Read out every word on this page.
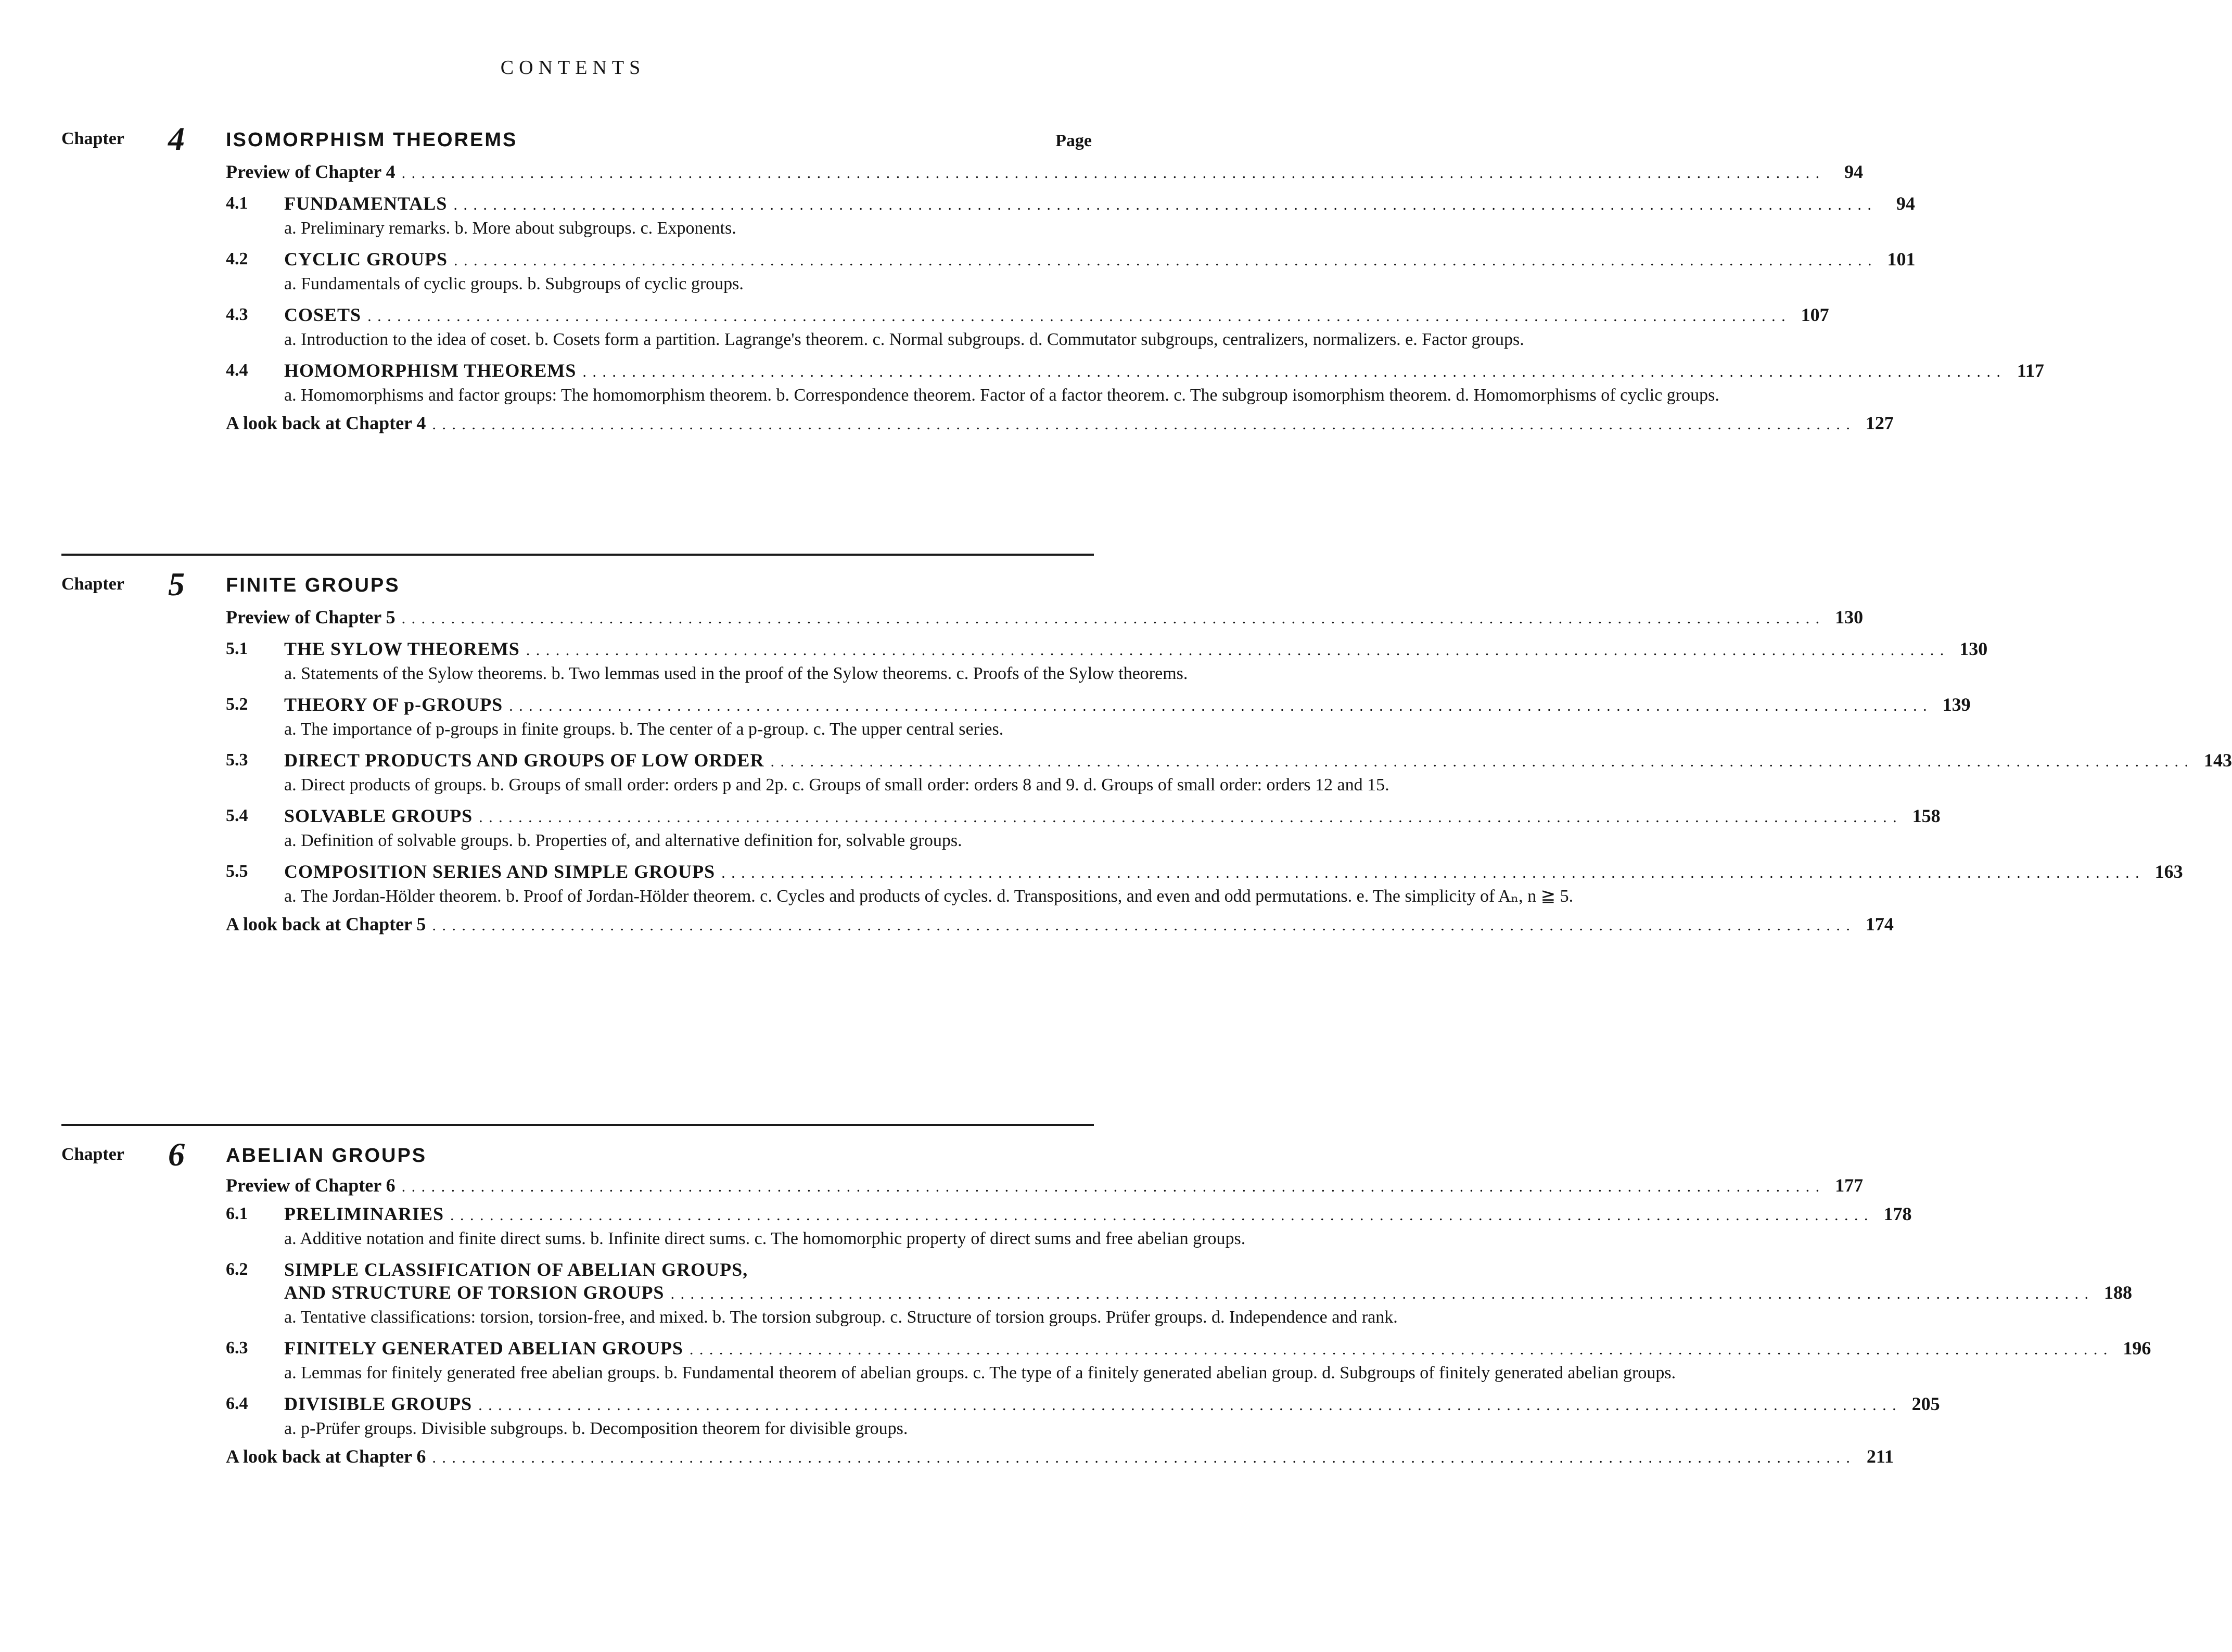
CONTENTS
Chapter	4 ISOMORPHISM THEOREMS	Page
Preview of Chapter 4 . . .	94
4.1	FUNDAMENTALS . . .	94
a. Preliminary remarks. b. More about subgroups. c. Exponents.
4.2	CYCLIC GROUPS . . .	101
a. Fundamentals of cyclic groups. b. Subgroups of cyclic groups.
4.3	COSETS . . .	107
a. Introduction to the idea of coset. b. Cosets form a partition. Lagrange's theorem. c. Normal subgroups. d. Commutator subgroups, centralizers, normalizers. e. Factor groups.
4.4	HOMOMORPHISM THEOREMS . . .	117
a. Homomorphisms and factor groups: The homomorphism theorem. b. Correspondence theorem. Factor of a factor theorem. c. The subgroup isomorphism theorem. d. Homomorphisms of cyclic groups.
A look back at Chapter 4 . . .	127
Chapter	5 FINITE GROUPS
Preview of Chapter 5 . . .	130
5.1	THE SYLOW THEOREMS . . .	130
a. Statements of the Sylow theorems. b. Two lemmas used in the proof of the Sylow theorems. c. Proofs of the Sylow theorems.
5.2	THEORY OF p-GROUPS . . .	139
a. The importance of p-groups in finite groups. b. The center of a p-group. c. The upper central series.
5.3	DIRECT PRODUCTS AND GROUPS OF LOW ORDER . . .	143
a. Direct products of groups. b. Groups of small order: orders p and 2p. c. Groups of small order: orders 8 and 9. d. Groups of small order: orders 12 and 15.
5.4	SOLVABLE GROUPS . . .	158
a. Definition of solvable groups. b. Properties of, and alternative definition for, solvable groups.
5.5	COMPOSITION SERIES AND SIMPLE GROUPS . . .	163
a. The Jordan-Hölder theorem. b. Proof of Jordan-Hölder theorem. c. Cycles and products of cycles. d. Transpositions, and even and odd permutations. e. The simplicity of Aₙ, n ≧ 5.
A look back at Chapter 5 . . .	174
Chapter	6 ABELIAN GROUPS
Preview of Chapter 6 . . .	177
6.1	PRELIMINARIES . . .	178
a. Additive notation and finite direct sums. b. Infinite direct sums. c. The homomorphic property of direct sums and free abelian groups.
6.2	SIMPLE CLASSIFICATION OF ABELIAN GROUPS,
AND STRUCTURE OF TORSION GROUPS . . .	188
a. Tentative classifications: torsion, torsion-free, and mixed. b. The torsion subgroup. c. Structure of torsion groups. Prüfer groups. d. Independence and rank.
6.3	FINITELY GENERATED ABELIAN GROUPS . . .	196
a. Lemmas for finitely generated free abelian groups. b. Fundamental theorem of abelian groups. c. The type of a finitely generated abelian group. d. Subgroups of finitely generated abelian groups.
6.4	DIVISIBLE GROUPS . . .	205
a. p-Prüfer groups. Divisible subgroups. b. Decomposition theorem for divisible groups.
A look back at Chapter 6 . . .	211
